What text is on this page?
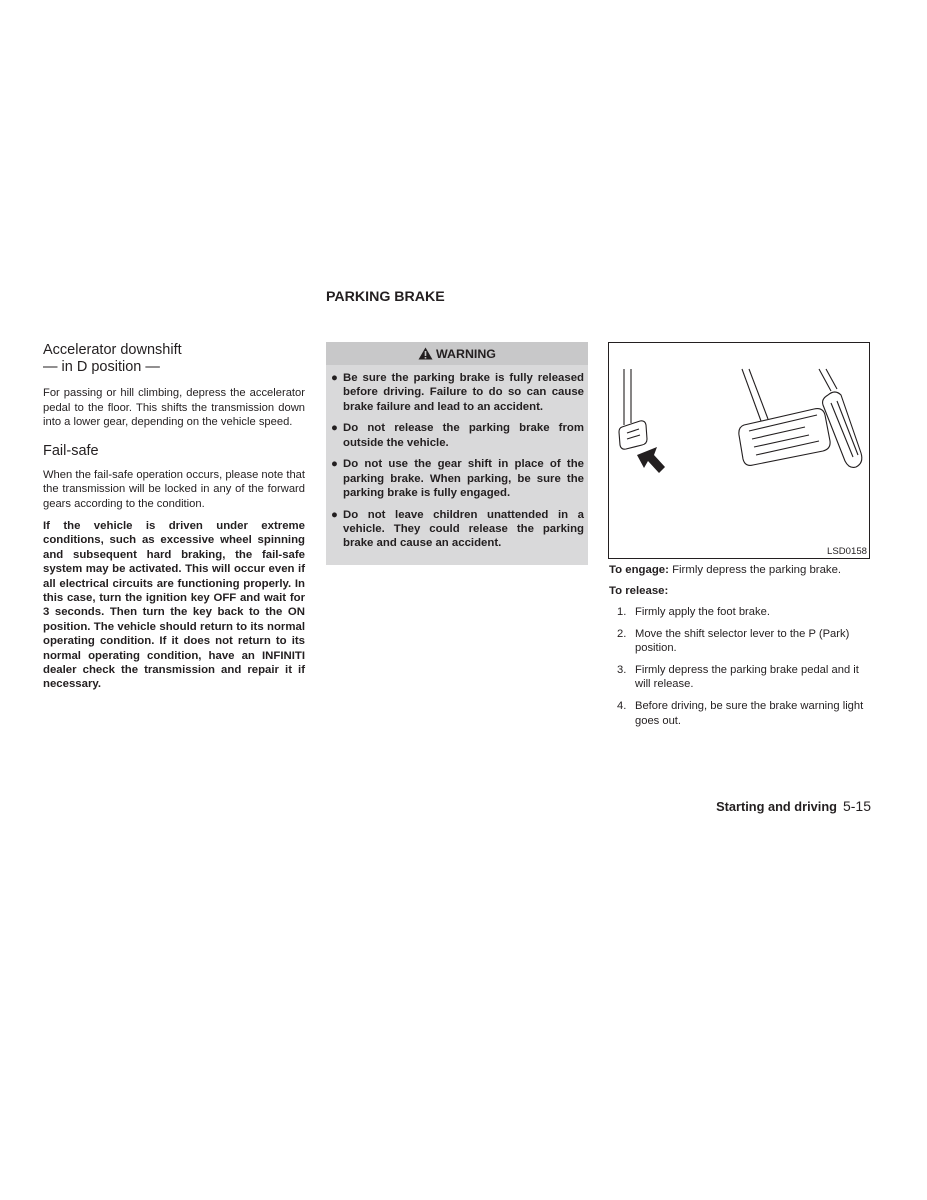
PARKING BRAKE
Accelerator downshift
— in D position —

For passing or hill climbing, depress the accelerator pedal to the floor. This shifts the transmission down into a lower gear, depending on the vehicle speed.

Fail-safe

When the fail-safe operation occurs, please note that the transmission will be locked in any of the forward gears according to the condition.

If the vehicle is driven under extreme conditions, such as excessive wheel spinning and subsequent hard braking, the fail-safe system may be activated. This will occur even if all electrical circuits are functioning properly. In this case, turn the ignition key OFF and wait for 3 seconds. Then turn the key back to the ON position. The vehicle should return to its normal operating condition. If it does not return to its normal operating condition, have an INFINITI dealer check the transmission and repair it if necessary.

WARNING
● Be sure the parking brake is fully released before driving. Failure to do so can cause brake failure and lead to an accident.
● Do not release the parking brake from outside the vehicle.
● Do not use the gear shift in place of the parking brake. When parking, be sure the parking brake is fully engaged.
● Do not leave children unattended in a vehicle. They could release the parking brake and cause an accident.
LSD0158
To engage: Firmly depress the parking brake.
To release:
1. Firmly apply the foot brake.
2. Move the shift selector lever to the P (Park) position.
3. Firmly depress the parking brake pedal and it will release.
4. Before driving, be sure the brake warning light goes out.
Starting and driving 5-15
